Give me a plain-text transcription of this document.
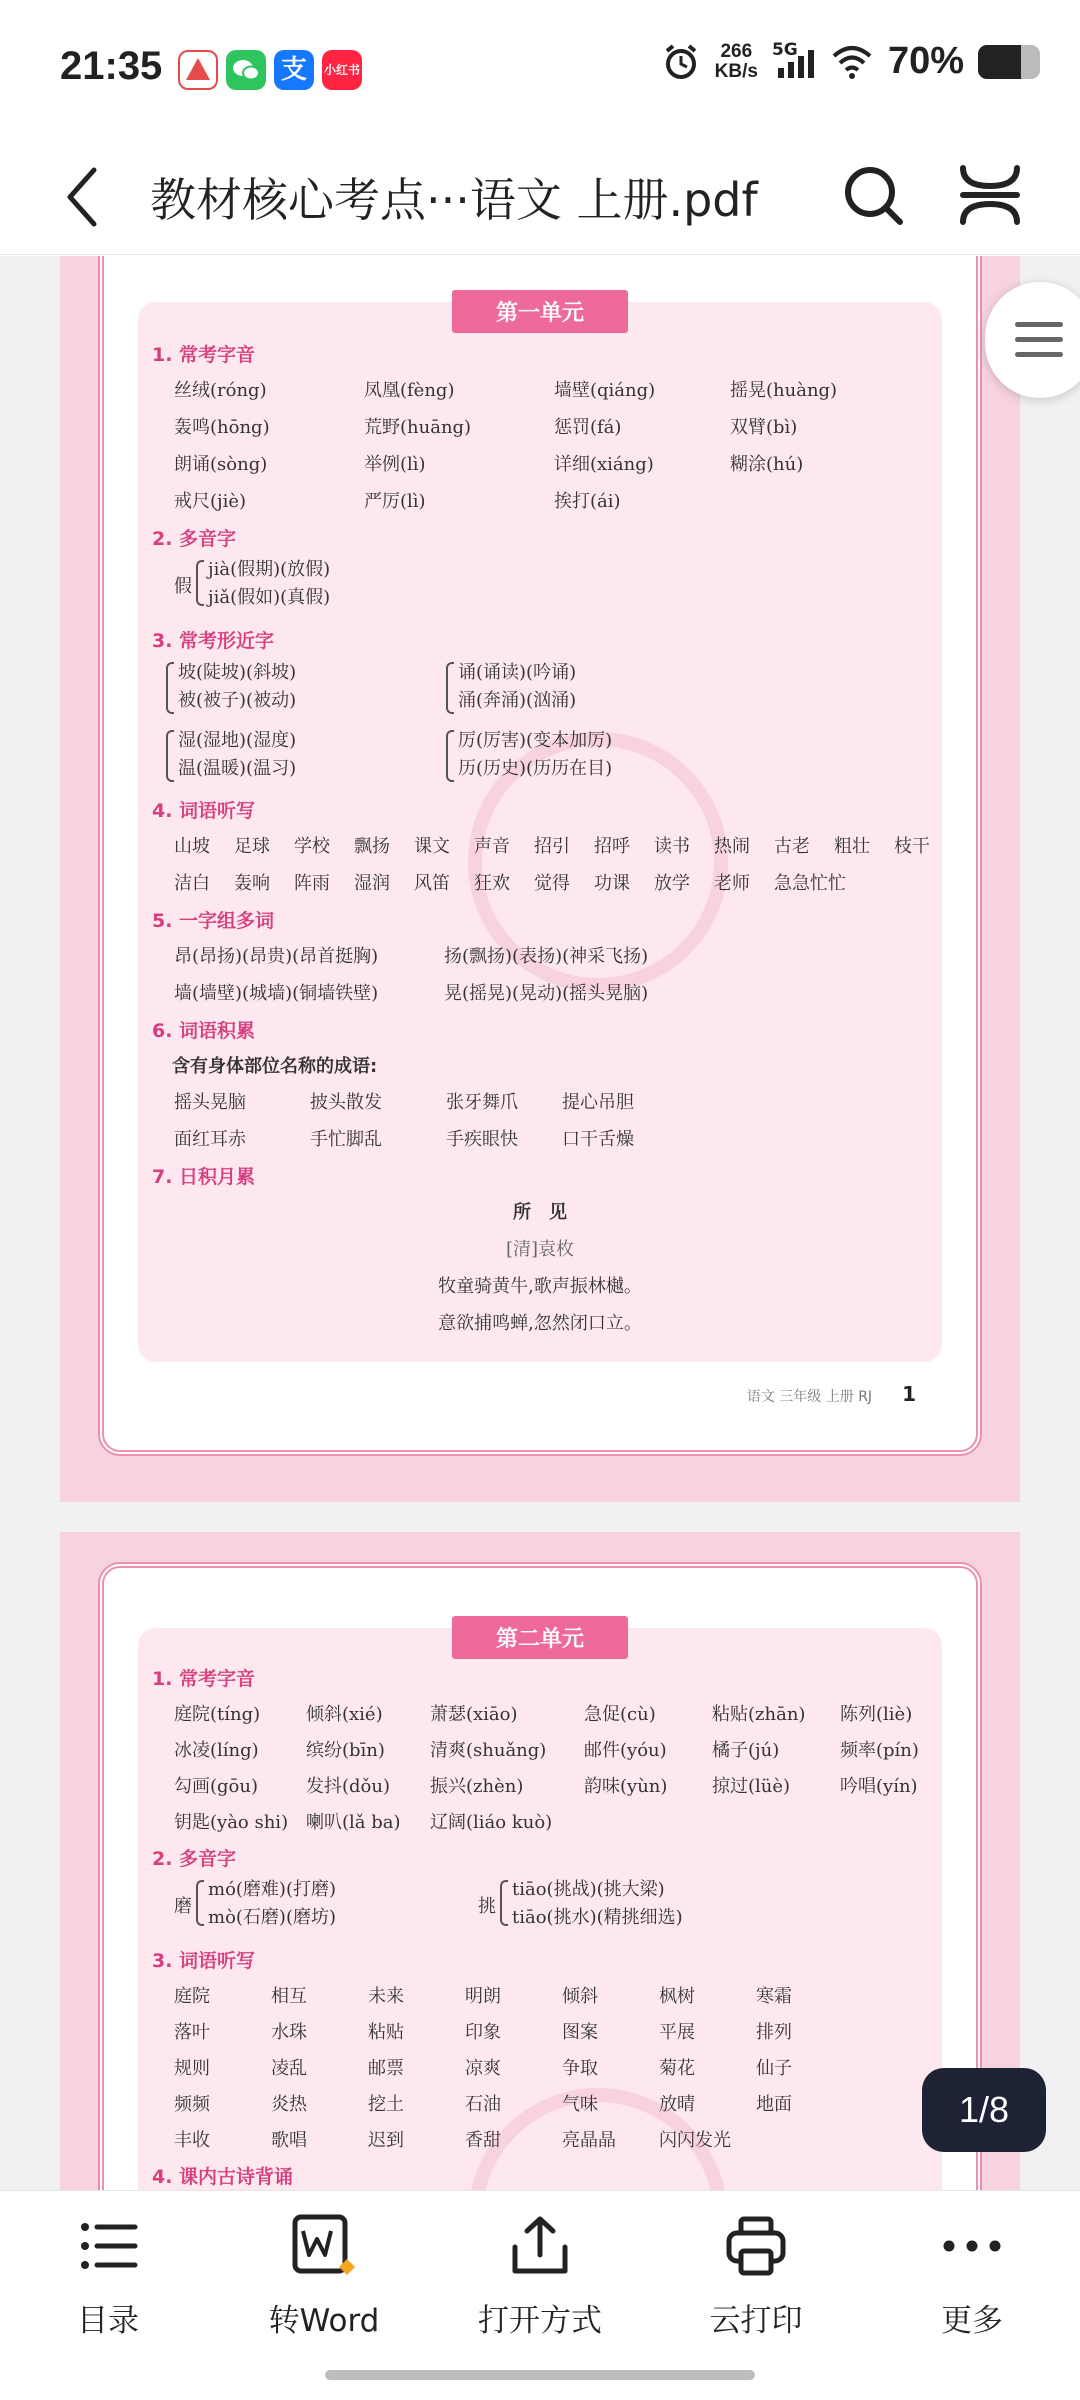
21:35	支	小红书
266
KB/s
5G 70%
教材核心考点···语文 上册.pdf
第一单元
1. 常考字音
丝绒(róng)	凤凰(fèng)	墙壁(qiáng)	摇晃(huàng)
轰鸣(hōng)	荒野(huāng)	惩罚(fá)	双臂(bì)
朗诵(sòng)	举例(lì)	详细(xiáng)	糊涂(hú)
戒尺(jiè)	严厉(lì)	挨打(ái)
2. 多音字
假
jià(假期)(放假)
jiǎ(假如)(真假)
3. 常考形近字
坡(陡坡)(斜坡)
被(被子)(被动)
诵(诵读)(吟诵)
涌(奔涌)(汹涌)
湿(湿地)(湿度)
温(温暖)(温习)
厉(厉害)(变本加厉)
历(历史)(历历在目)
4. 词语听写
山坡 足球 学校 飘扬 课文 声音 招引 招呼 读书 热闹 古老 粗壮 枝干
洁白 轰响 阵雨 湿润 风笛 狂欢 觉得 功课 放学 老师 急急忙忙
5. 一字组多词
昂(昂扬)(昂贵)(昂首挺胸)	扬(飘扬)(表扬)(神采飞扬)
墙(墙壁)(城墙)(铜墙铁壁)	晃(摇晃)(晃动)(摇头晃脑)
6. 词语积累
含有身体部位名称的成语:
摇头晃脑	披头散发	张牙舞爪 提心吊胆
面红耳赤	手忙脚乱	手疾眼快 口干舌燥
7. 日积月累
所　见
[清]袁枚
牧童骑黄牛,歌声振林樾。
意欲捕鸣蝉,忽然闭口立。
语文 三年级 上册 RJ 1
第二单元
1. 常考字音
庭院(tíng)	倾斜(xié)	萧瑟(xiāo)	急促(cù)	粘贴(zhān) 陈列(liè)
冰凌(líng)	缤纷(bīn)	清爽(shuǎng) 邮件(yóu)	橘子(jú)	频率(pín)
勾画(gōu)	发抖(dǒu) 振兴(zhèn)	韵味(yùn) 掠过(lüè)	吟唱(yín)
钥匙(yào shi) 喇叭(lǎ ba) 辽阔(liáo kuò)
2. 多音字
磨
mó(磨难)(打磨)
mò(石磨)(磨坊)
挑
tiāo(挑战)(挑大梁)
tiāo(挑水)(精挑细选)
3. 词语听写
庭院	相互	未来	明朗	倾斜	枫树	寒霜
落叶	水珠	粘贴	印象	图案	平展	排列
规则	凌乱	邮票	凉爽	争取	菊花	仙子
频频	炎热	挖土	石油	气味	放晴	地面
丰收	歌唱	迟到	香甜	亮晶晶 闪闪发光
4. 课内古诗背诵
1/8
目录	转Word	打开方式	云打印	更多
